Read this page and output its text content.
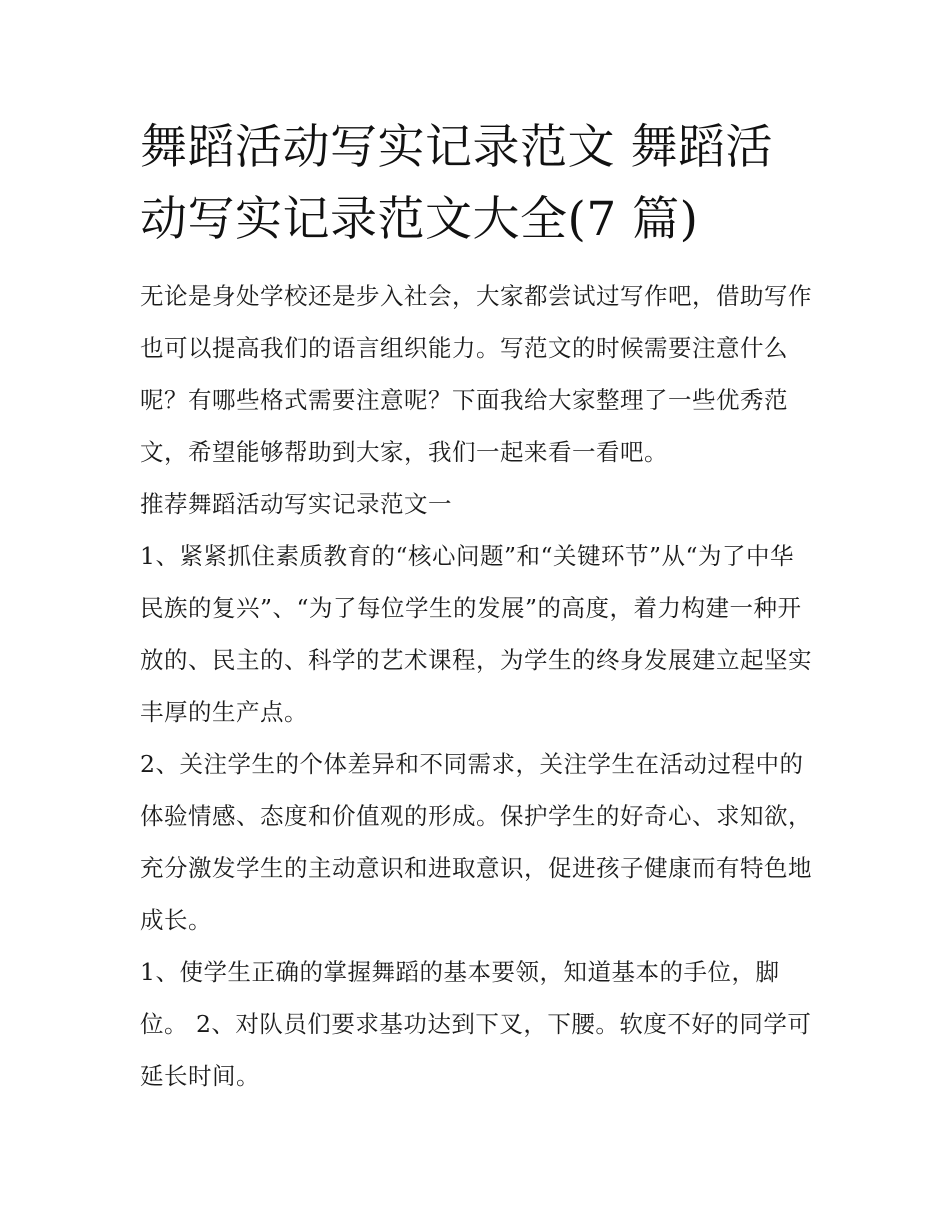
舞蹈活动写实记录范文 舞蹈活动写实记录范文大全(7 篇)

无论是身处学校还是步入社会，大家都尝试过写作吧，借助写作也可以提高我们的语言组织能力。写范文的时候需要注意什么呢？有哪些格式需要注意呢？下面我给大家整理了一些优秀范文，希望能够帮助到大家，我们一起来看一看吧。

推荐舞蹈活动写实记录范文一

1、紧紧抓住素质教育的“核心问题”和“关键环节”从“为了中华民族的复兴”、“为了每位学生的发展”的高度，着力构建一种开放的、民主的、科学的艺术课程，为学生的终身发展建立起坚实丰厚的生产点。

2、关注学生的个体差异和不同需求，关注学生在活动过程中的体验情感、态度和价值观的形成。保护学生的好奇心、求知欲，充分激发学生的主动意识和进取意识，促进孩子健康而有特色地成长。

1、使学生正确的掌握舞蹈的基本要领，知道基本的手位，脚位。 2、对队员们要求基功达到下叉，下腰。软度不好的同学可延长时间。
